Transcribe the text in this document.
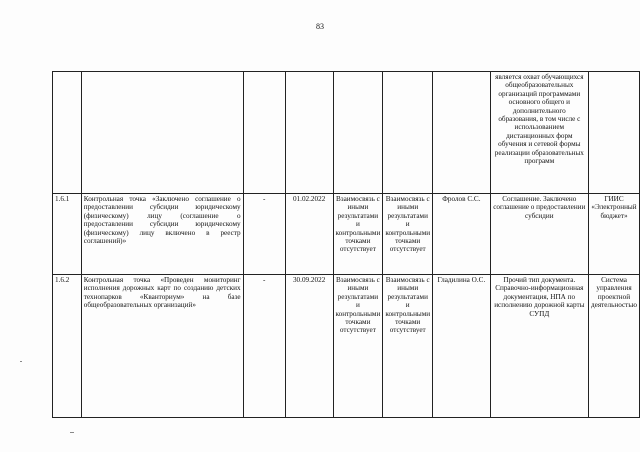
83
							является охват обучающихся общеобразовательных организаций программами основного общего и дополнительного образования, в том числе с использованием дистанционных форм обучения и сетевой формы реализации образовательных программ	
1.6.1	Контрольная точка «Заключено соглашение о предоставлении субсидии юридическому (физическому) лицу (соглашение о предоставлении субсидии юридическому (физическому) лицу включено в реестр соглашений)»	-	01.02.2022	Взаимосвязь с иными результатами и контрольными точками отсутствует	Взаимосвязь с иными результатами и контрольными точками отсутствует	Фролов С.С.	Соглашение. Заключено соглашение о предоставлении субсидии	ГИИС «Электронный бюджет»
1.6.2	Контрольная точка «Проведен мониторинг исполнения дорожных карт по созданию детских технопарков «Кванториум» на базе общеобразовательных организаций»	-	30.09.2022	Взаимосвязь с иными результатами и контрольными точками отсутствует	Взаимосвязь с иными результатами и контрольными точками отсутствует	Гладилина О.С.	Прочий тип документа. Справочно-информационная документация, НПА по исполнению дорожной карты СУПД	Система управления проектной деятельностью
